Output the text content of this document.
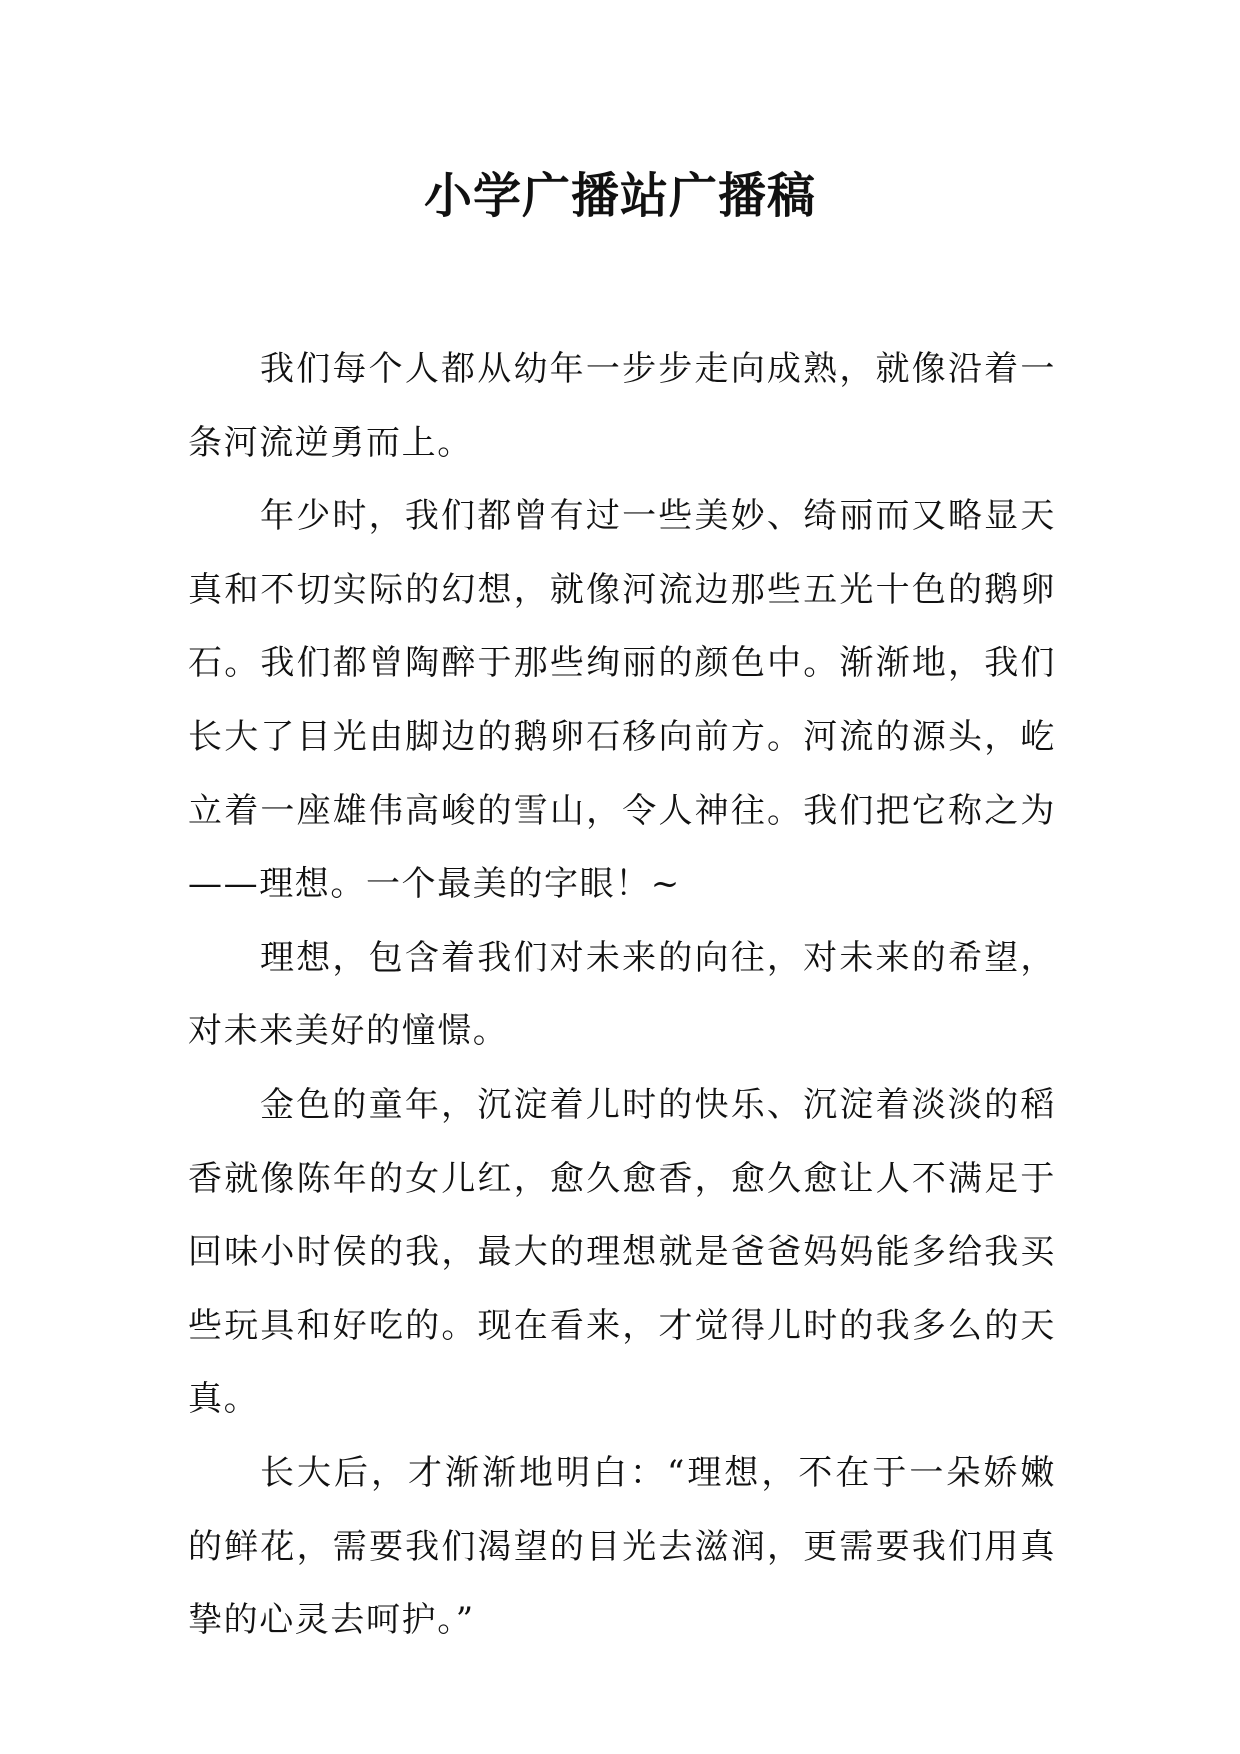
小学广播站广播稿

我们每个人都从幼年一步步走向成熟，就像沿着一条河流逆勇而上。

年少时，我们都曾有过一些美妙、绮丽而又略显天真和不切实际的幻想，就像河流边那些五光十色的鹅卵石。我们都曾陶醉于那些绚丽的颜色中。渐渐地，我们长大了目光由脚边的鹅卵石移向前方。河流的源头，屹立着一座雄伟高峻的雪山，令人神往。我们把它称之为——理想。一个最美的字眼！~

理想，包含着我们对未来的向往，对未来的希望，对未来美好的憧憬。

金色的童年，沉淀着儿时的快乐、沉淀着淡淡的稻香就像陈年的女儿红，愈久愈香，愈久愈让人不满足于回味小时侯的我，最大的理想就是爸爸妈妈能多给我买些玩具和好吃的。现在看来，才觉得儿时的我多么的天真。

长大后，才渐渐地明白：“理想，不在于一朵娇嫩的鲜花，需要我们渴望的目光去滋润，更需要我们用真挚的心灵去呵护。”
